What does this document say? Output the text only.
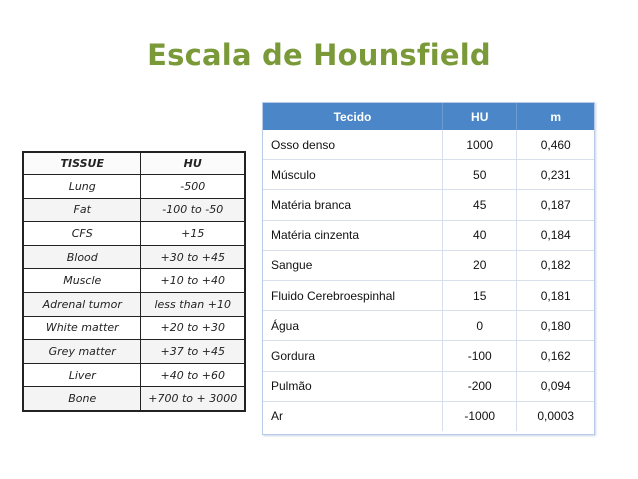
Escala de Hounsfield
TISSUE	HU
Lung	-500
Fat	-100 to -50
CFS	+15
Blood	+30 to +45
Muscle	+10 to +40
Adrenal tumor	less than +10
White matter	+20 to +30
Grey matter	+37 to +45
Liver	+40 to +60
Bone	+700 to + 3000
Tecido	HU	m
Osso denso	1000	0,460
Músculo	50	0,231
Matéria branca	45	0,187
Matéria cinzenta	40	0,184
Sangue	20	0,182
Fluido Cerebroespinhal	15	0,181
Água	0	0,180
Gordura	-100	0,162
Pulmão	-200	0,094
Ar	-1000	0,0003
